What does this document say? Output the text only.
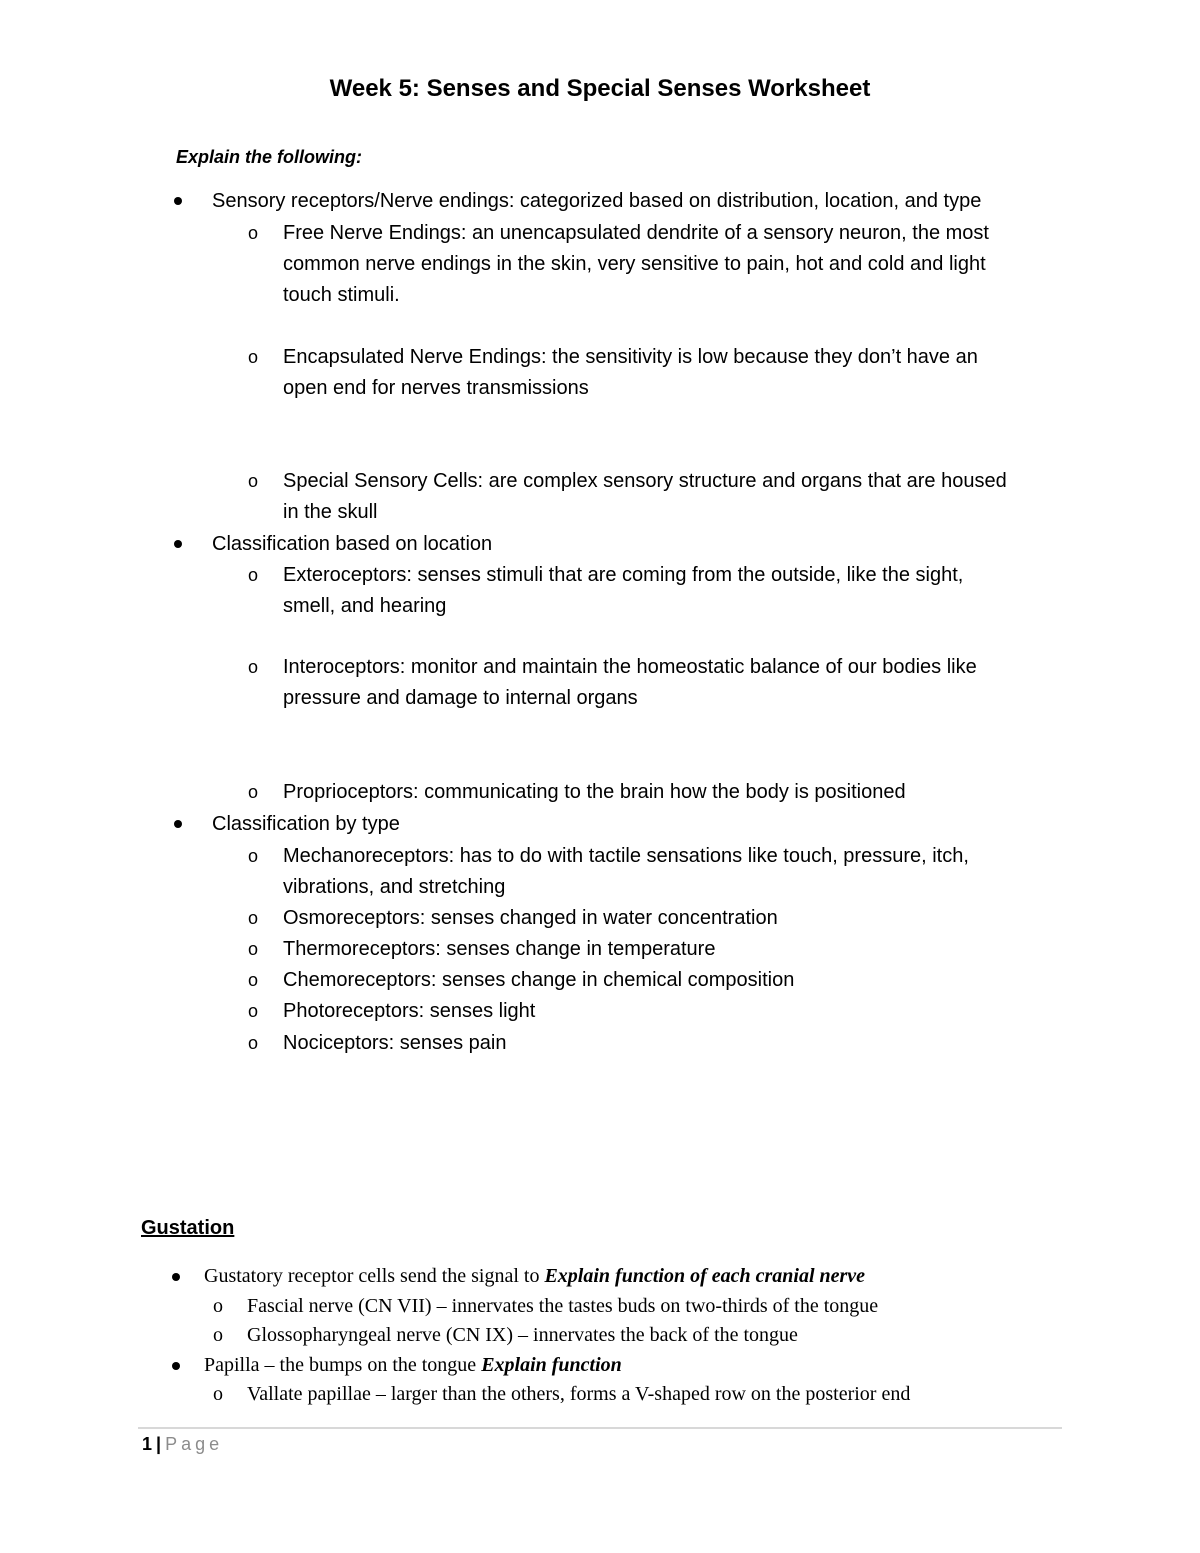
Week 5: Senses and Special Senses Worksheet
Explain the following:
Sensory receptors/Nerve endings: categorized based on distribution, location, and type
o Free Nerve Endings: an unencapsulated dendrite of a sensory neuron, the most
common nerve endings in the skin, very sensitive to pain, hot and cold and light
touch stimuli.
o Encapsulated Nerve Endings: the sensitivity is low because they don’t have an
open end for nerves transmissions
o Special Sensory Cells: are complex sensory structure and organs that are housed
in the skull
Classification based on location
o Exteroceptors: senses stimuli that are coming from the outside, like the sight,
smell, and hearing
o Interoceptors: monitor and maintain the homeostatic balance of our bodies like
pressure and damage to internal organs
o Proprioceptors: communicating to the brain how the body is positioned
Classification by type
o Mechanoreceptors: has to do with tactile sensations like touch, pressure, itch,
vibrations, and stretching
o Osmoreceptors: senses changed in water concentration
o Thermoreceptors: senses change in temperature
o Chemoreceptors: senses change in chemical composition
o Photoreceptors: senses light
o Nociceptors: senses pain
Gustation
Gustatory receptor cells send the signal to Explain function of each cranial nerve
o Fascial nerve (CN VII) – innervates the tastes buds on two-thirds of the tongue
o Glossopharyngeal nerve (CN IX) – innervates the back of the tongue
Papilla – the bumps on the tongue Explain function
o Vallate papillae – larger than the others, forms a V-shaped row on the posterior end
1 | Page
